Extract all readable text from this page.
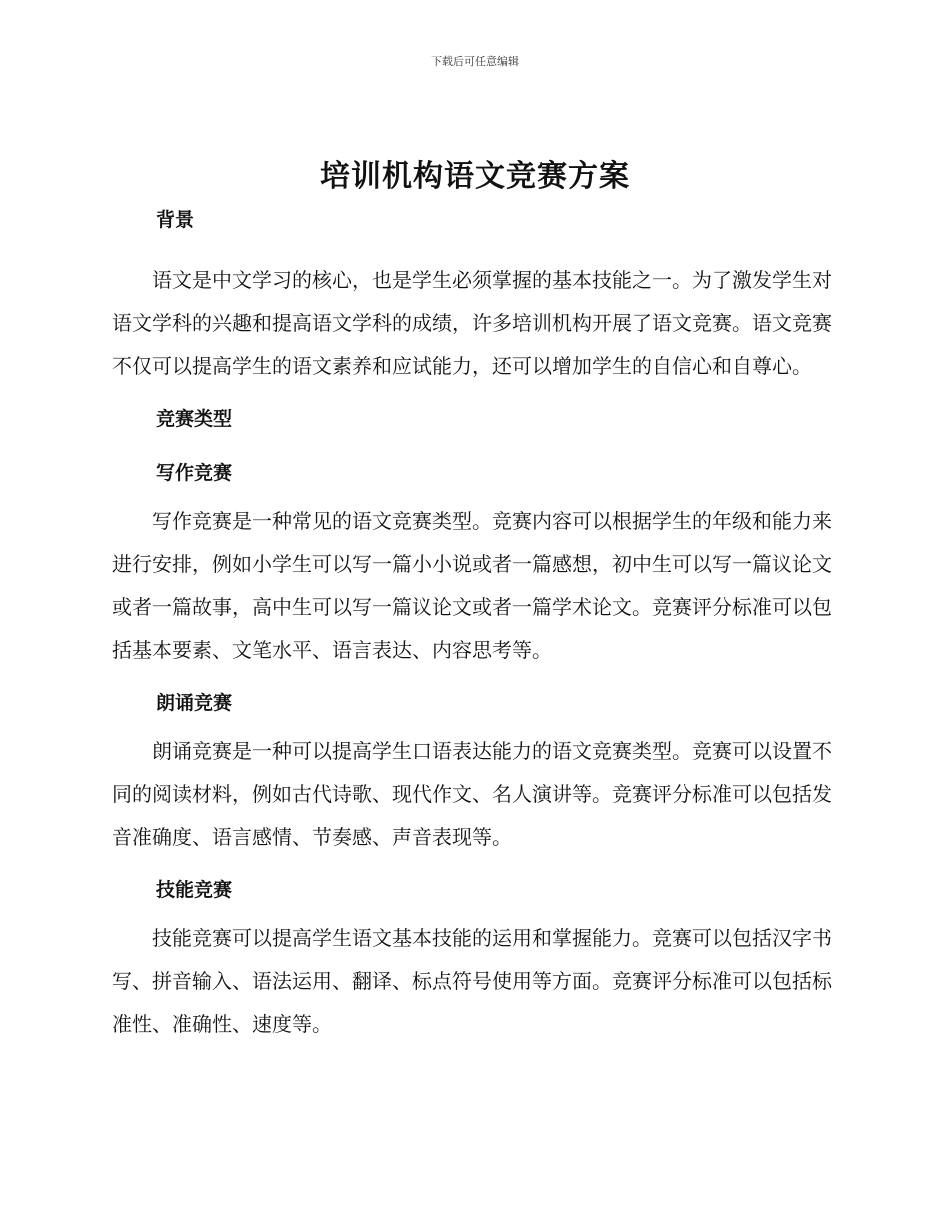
下载后可任意编辑
培训机构语文竞赛方案
背景

语文是中文学习的核心，也是学生必须掌握的基本技能之一。为了激发学生对语文学科的兴趣和提高语文学科的成绩，许多培训机构开展了语文竞赛。语文竞赛不仅可以提高学生的语文素养和应试能力，还可以增加学生的自信心和自尊心。

竞赛类型
写作竞赛

写作竞赛是一种常见的语文竞赛类型。竞赛内容可以根据学生的年级和能力来进行安排，例如小学生可以写一篇小小说或者一篇感想，初中生可以写一篇议论文或者一篇故事，高中生可以写一篇议论文或者一篇学术论文。竞赛评分标准可以包括基本要素、文笔水平、语言表达、内容思考等。

朗诵竞赛

朗诵竞赛是一种可以提高学生口语表达能力的语文竞赛类型。竞赛可以设置不同的阅读材料，例如古代诗歌、现代作文、名人演讲等。竞赛评分标准可以包括发音准确度、语言感情、节奏感、声音表现等。

技能竞赛

技能竞赛可以提高学生语文基本技能的运用和掌握能力。竞赛可以包括汉字书写、拼音输入、语法运用、翻译、标点符号使用等方面。竞赛评分标准可以包括标准性、准确性、速度等。
